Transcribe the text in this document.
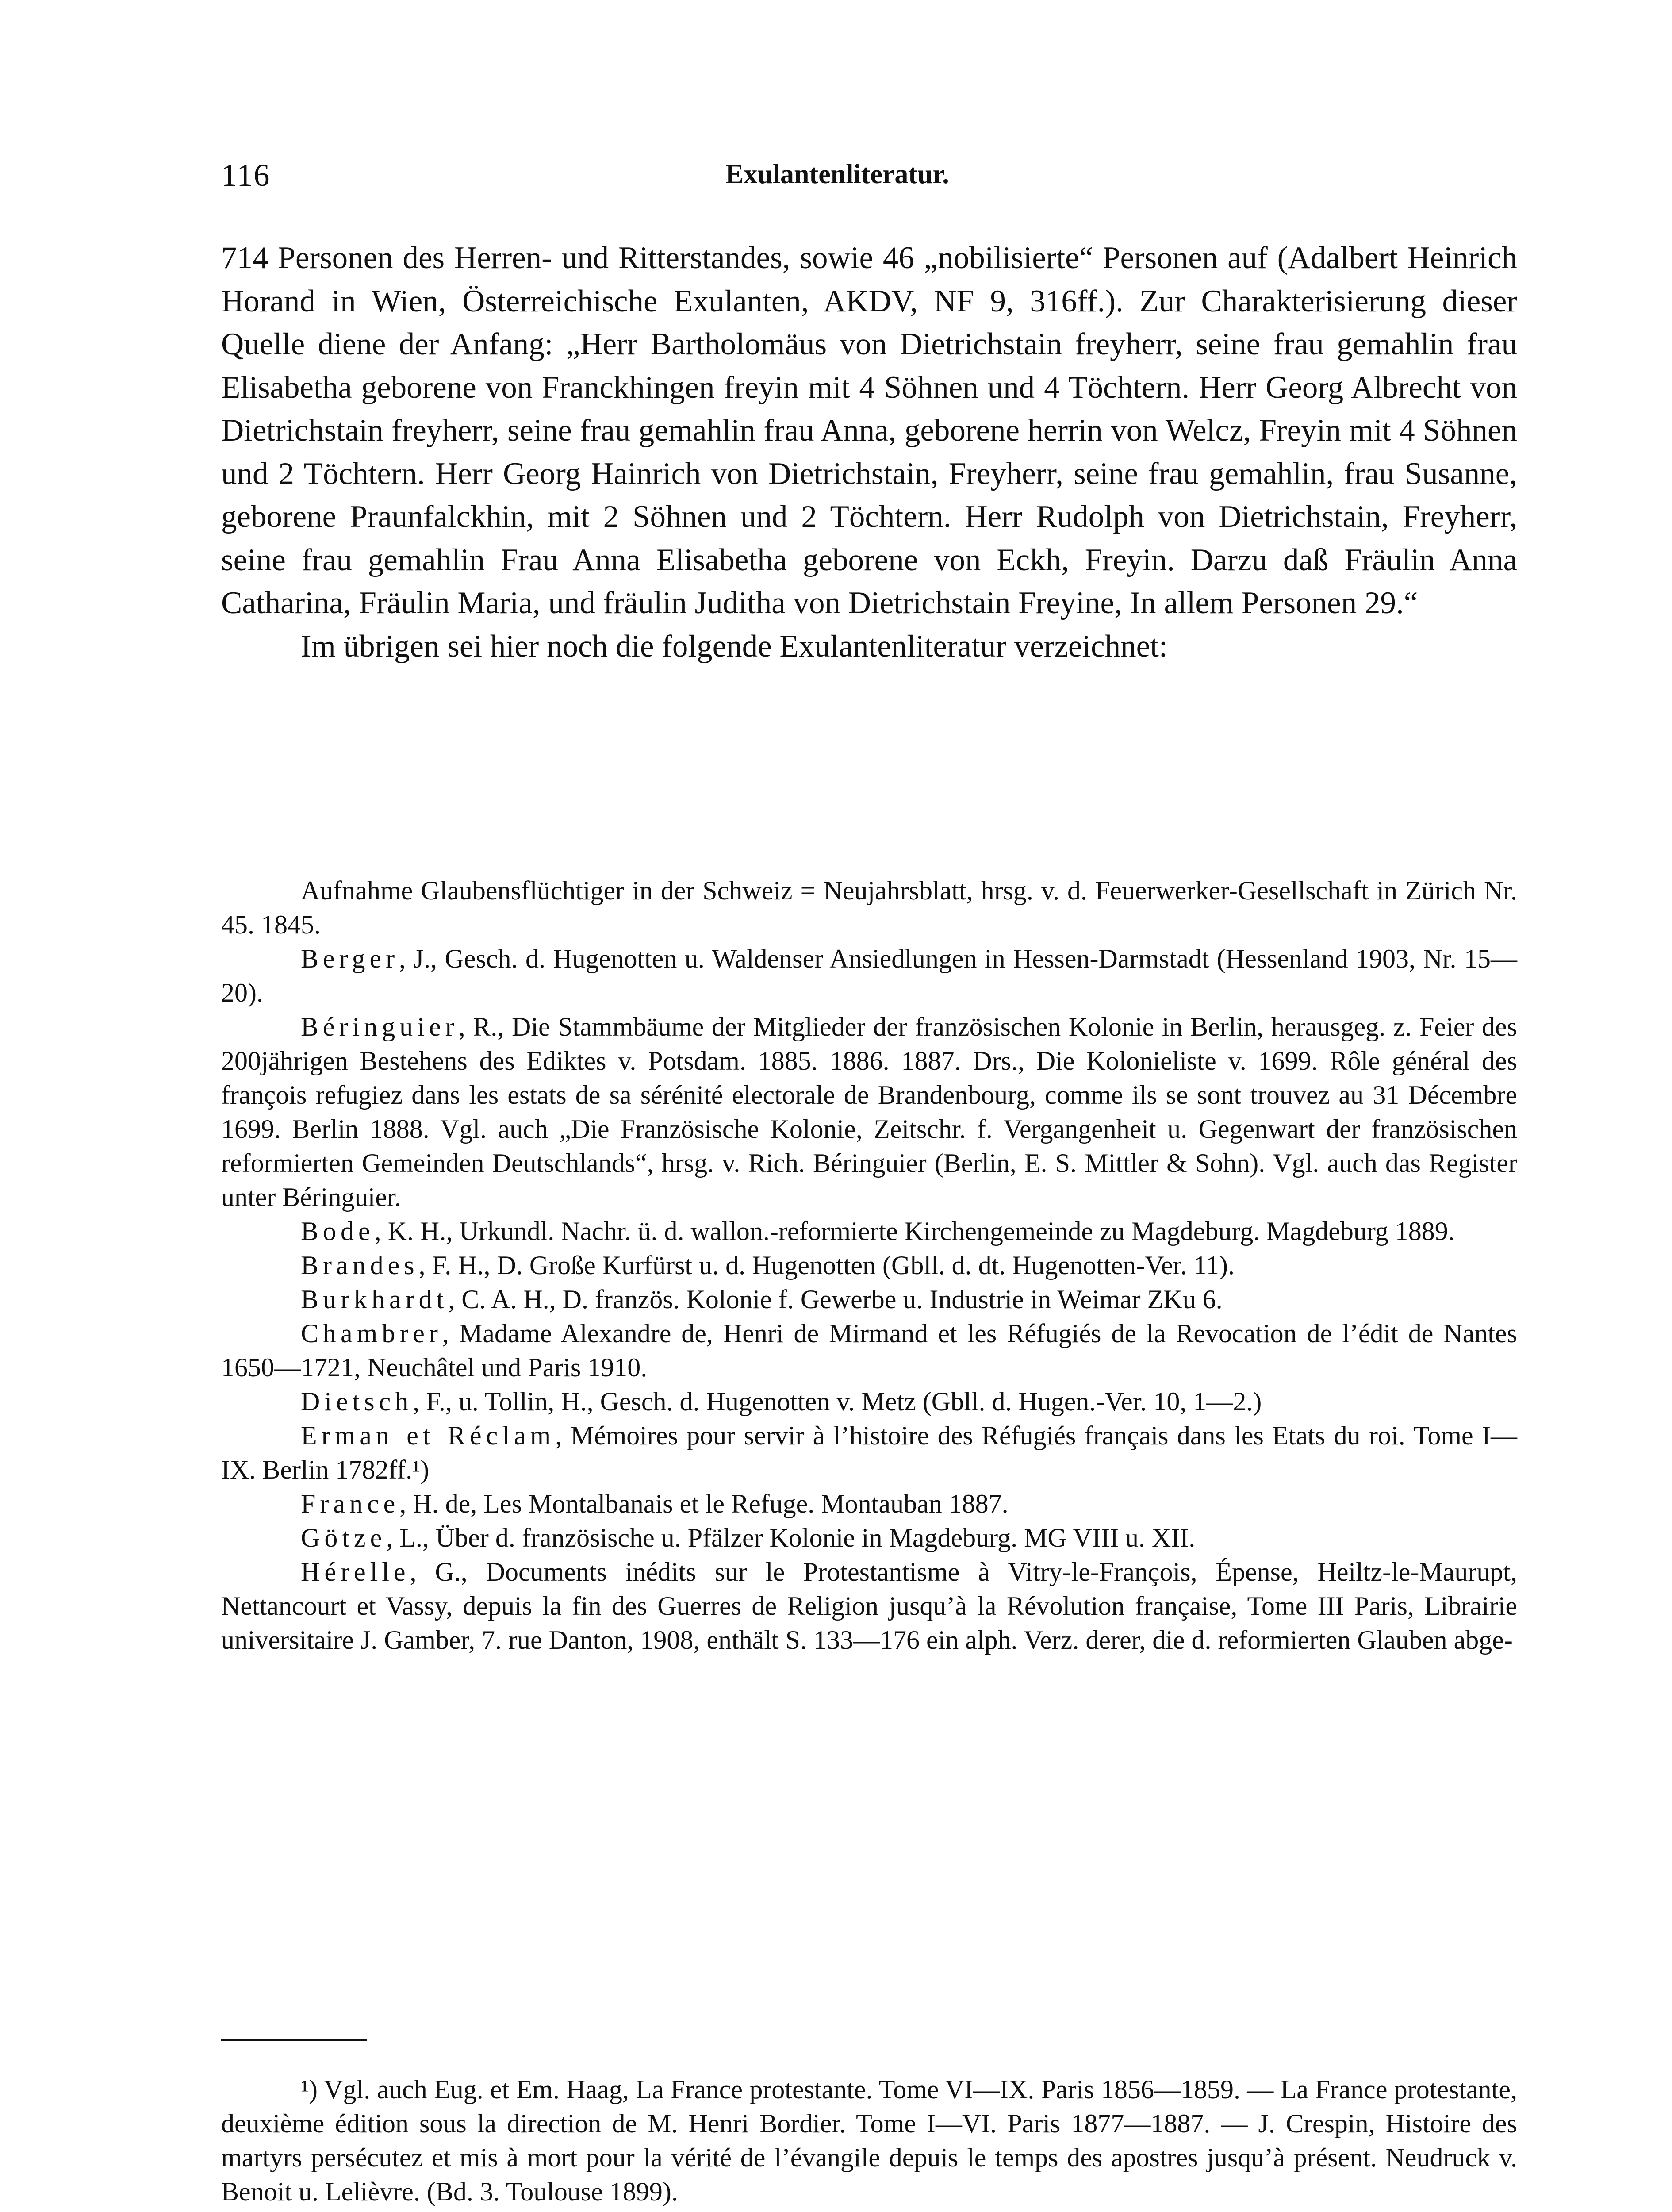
116	Exulantenliteratur.

714 Personen des Herren- und Ritterstandes, sowie 46 „nobilisierte“ Personen auf (Adalbert Heinrich Horand in Wien, Österreichische Exulanten, AKDV, NF 9, 316ff.). Zur Charakterisierung dieser Quelle diene der Anfang: „Herr Bartholomäus von Dietrichstain freyherr, seine frau gemahlin frau Elisabetha geborene von Franckhingen freyin mit 4 Söhnen und 4 Töchtern. Herr Georg Albrecht von Dietrichstain freyherr, seine frau gemahlin frau Anna, geborene herrin von Welcz, Freyin mit 4 Söhnen und 2 Töchtern. Herr Georg Hainrich von Dietrichstain, Freyherr, seine frau gemahlin, frau Susanne, geborene Praunfalckhin, mit 2 Söhnen und 2 Töchtern. Herr Rudolph von Dietrichstain, Freyherr, seine frau gemahlin Frau Anna Elisabetha geborene von Eckh, Freyin. Darzu daß Fräulin Anna Catharina, Fräulin Maria, und fräulin Juditha von Dietrichstain Freyine, In allem Personen 29.“

Im übrigen sei hier noch die folgende Exulantenliteratur verzeichnet:

Aufnahme Glaubensflüchtiger in der Schweiz = Neujahrsblatt, hrsg. v. d. Feuerwerker-Gesellschaft in Zürich Nr. 45. 1845.

Berger, J., Gesch. d. Hugenotten u. Waldenser Ansiedlungen in Hessen-Darmstadt (Hessenland 1903, Nr. 15—20).

Béringuier, R., Die Stammbäume der Mitglieder der französischen Kolonie in Berlin, herausgeg. z. Feier des 200jährigen Bestehens des Ediktes v. Potsdam. 1885. 1886. 1887. Drs., Die Kolonieliste v. 1699. Rôle général des françois refugiez dans les estats de sa sérénité electorale de Brandenbourg, comme ils se sont trouvez au 31 Décembre 1699. Berlin 1888. Vgl. auch „Die Französische Kolonie, Zeitschr. f. Vergangenheit u. Gegenwart der französischen reformierten Gemeinden Deutschlands“, hrsg. v. Rich. Béringuier (Berlin, E. S. Mittler & Sohn). Vgl. auch das Register unter Béringuier.

Bode, K. H., Urkundl. Nachr. ü. d. wallon.-reformierte Kirchengemeinde zu Magdeburg. Magdeburg 1889.

Brandes, F. H., D. Große Kurfürst u. d. Hugenotten (Gbll. d. dt. Hugenotten-Ver. 11).

Burkhardt, C. A. H., D. französ. Kolonie f. Gewerbe u. Industrie in Weimar ZKu 6.

Chambrer, Madame Alexandre de, Henri de Mirmand et les Réfugiés de la Revocation de l’édit de Nantes 1650—1721, Neuchâtel und Paris 1910.

Dietsch, F., u. Tollin, H., Gesch. d. Hugenotten v. Metz (Gbll. d. Hugen.-Ver. 10, 1—2.)

Erman et Réclam, Mémoires pour servir à l’histoire des Réfugiés français dans les Etats du roi. Tome I—IX. Berlin 1782ff.¹)

France, H. de, Les Montalbanais et le Refuge. Montauban 1887.

Götze, L., Über d. französische u. Pfälzer Kolonie in Magdeburg. MG VIII u. XII.

Hérelle, G., Documents inédits sur le Protestantisme à Vitry-le-François, Épense, Heiltz-le-Maurupt, Nettancourt et Vassy, depuis la fin des Guerres de Religion jusqu’à la Révolution française, Tome III Paris, Librairie universitaire J. Gamber, 7. rue Danton, 1908, enthält S. 133—176 ein alph. Verz. derer, die d. reformierten Glauben abge-

¹) Vgl. auch Eug. et Em. Haag, La France protestante. Tome VI—IX. Paris 1856—1859. — La France protestante, deuxième édition sous la direction de M. Henri Bordier. Tome I—VI. Paris 1877—1887. — J. Crespin, Histoire des martyrs persécutez et mis à mort pour la vérité de l’évangile depuis le temps des apostres jusqu’à présent. Neudruck v. Benoit u. Lelièvre. (Bd. 3. Toulouse 1899).
